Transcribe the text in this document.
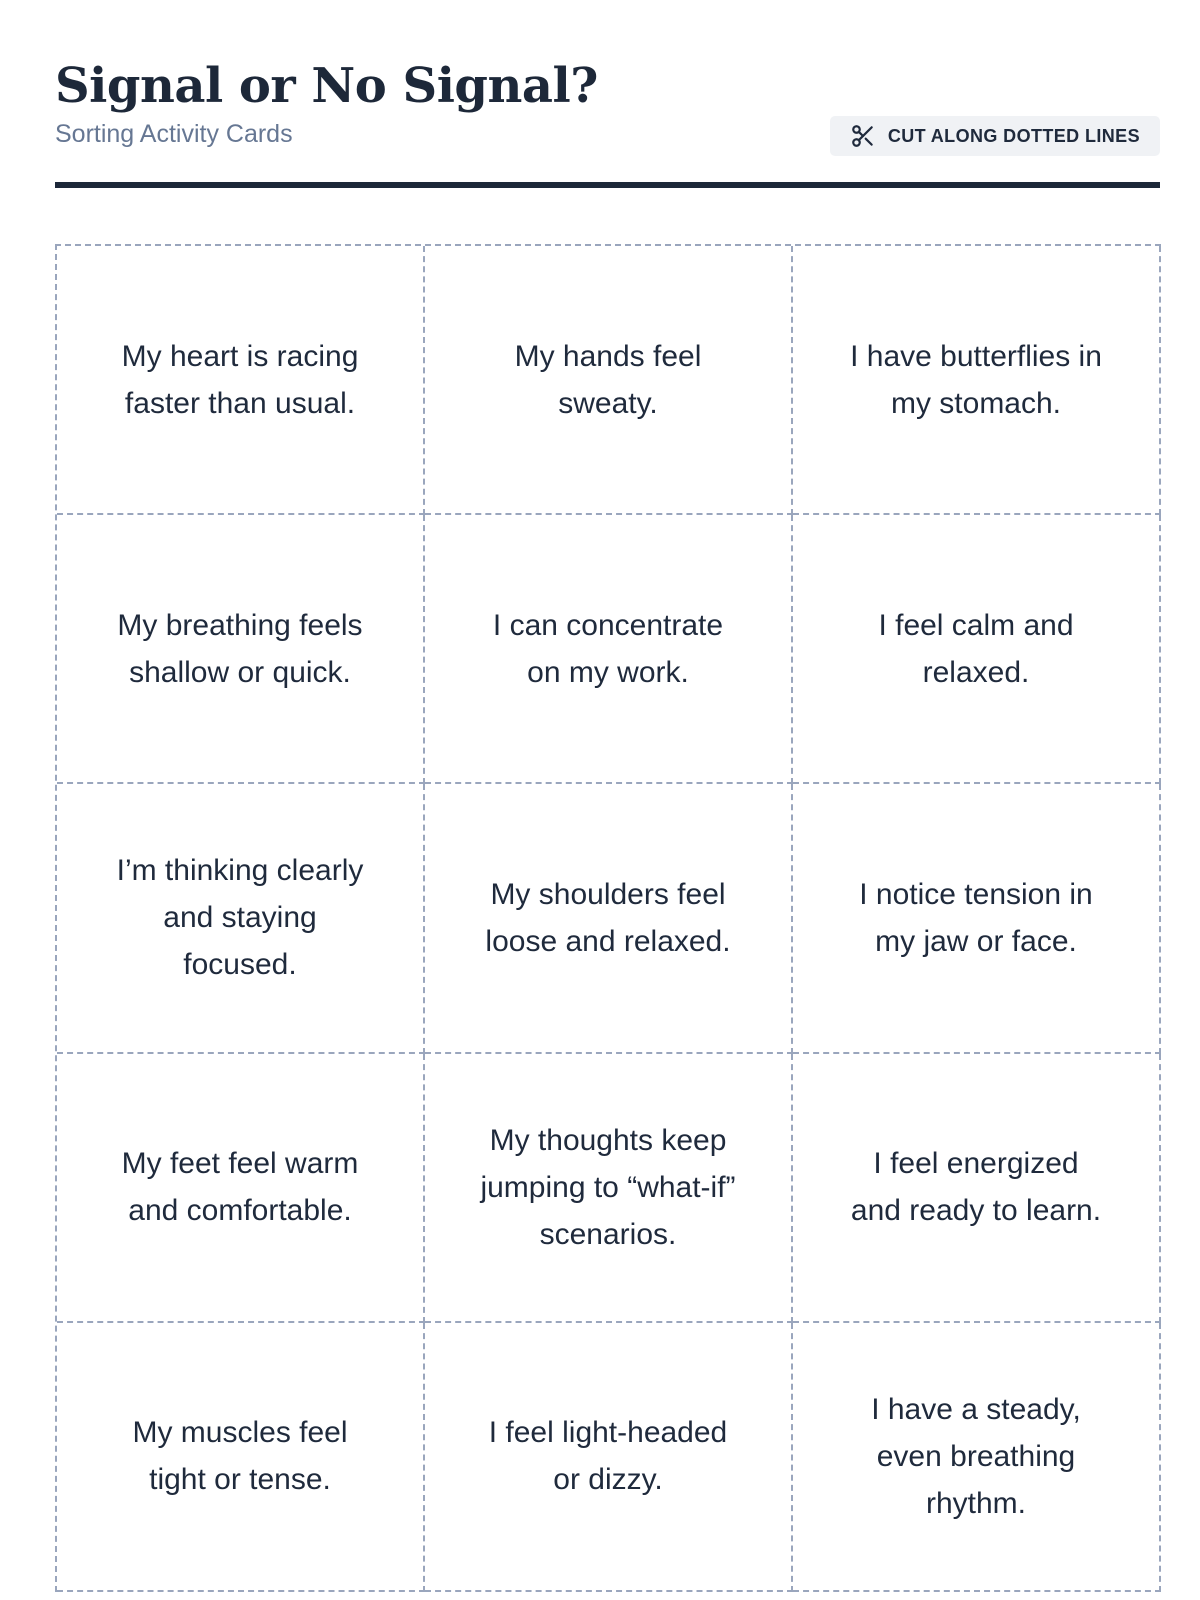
Signal or No Signal?

Sorting Activity Cards	CUT ALONG DOTTED LINES
My heart is racing faster than usual.
My hands feel sweaty.
I have butterflies in my stomach.
My breathing feels shallow or quick.
I can concentrate on my work.
I feel calm and relaxed.
I’m thinking clearly and staying focused.
My shoulders feel loose and relaxed.
I notice tension in my jaw or face.
My feet feel warm and comfortable.
My thoughts keep jumping to “what-if” scenarios.
I feel energized and ready to learn.
My muscles feel tight or tense.
I feel light-headed or dizzy.
I have a steady, even breathing rhythm.
